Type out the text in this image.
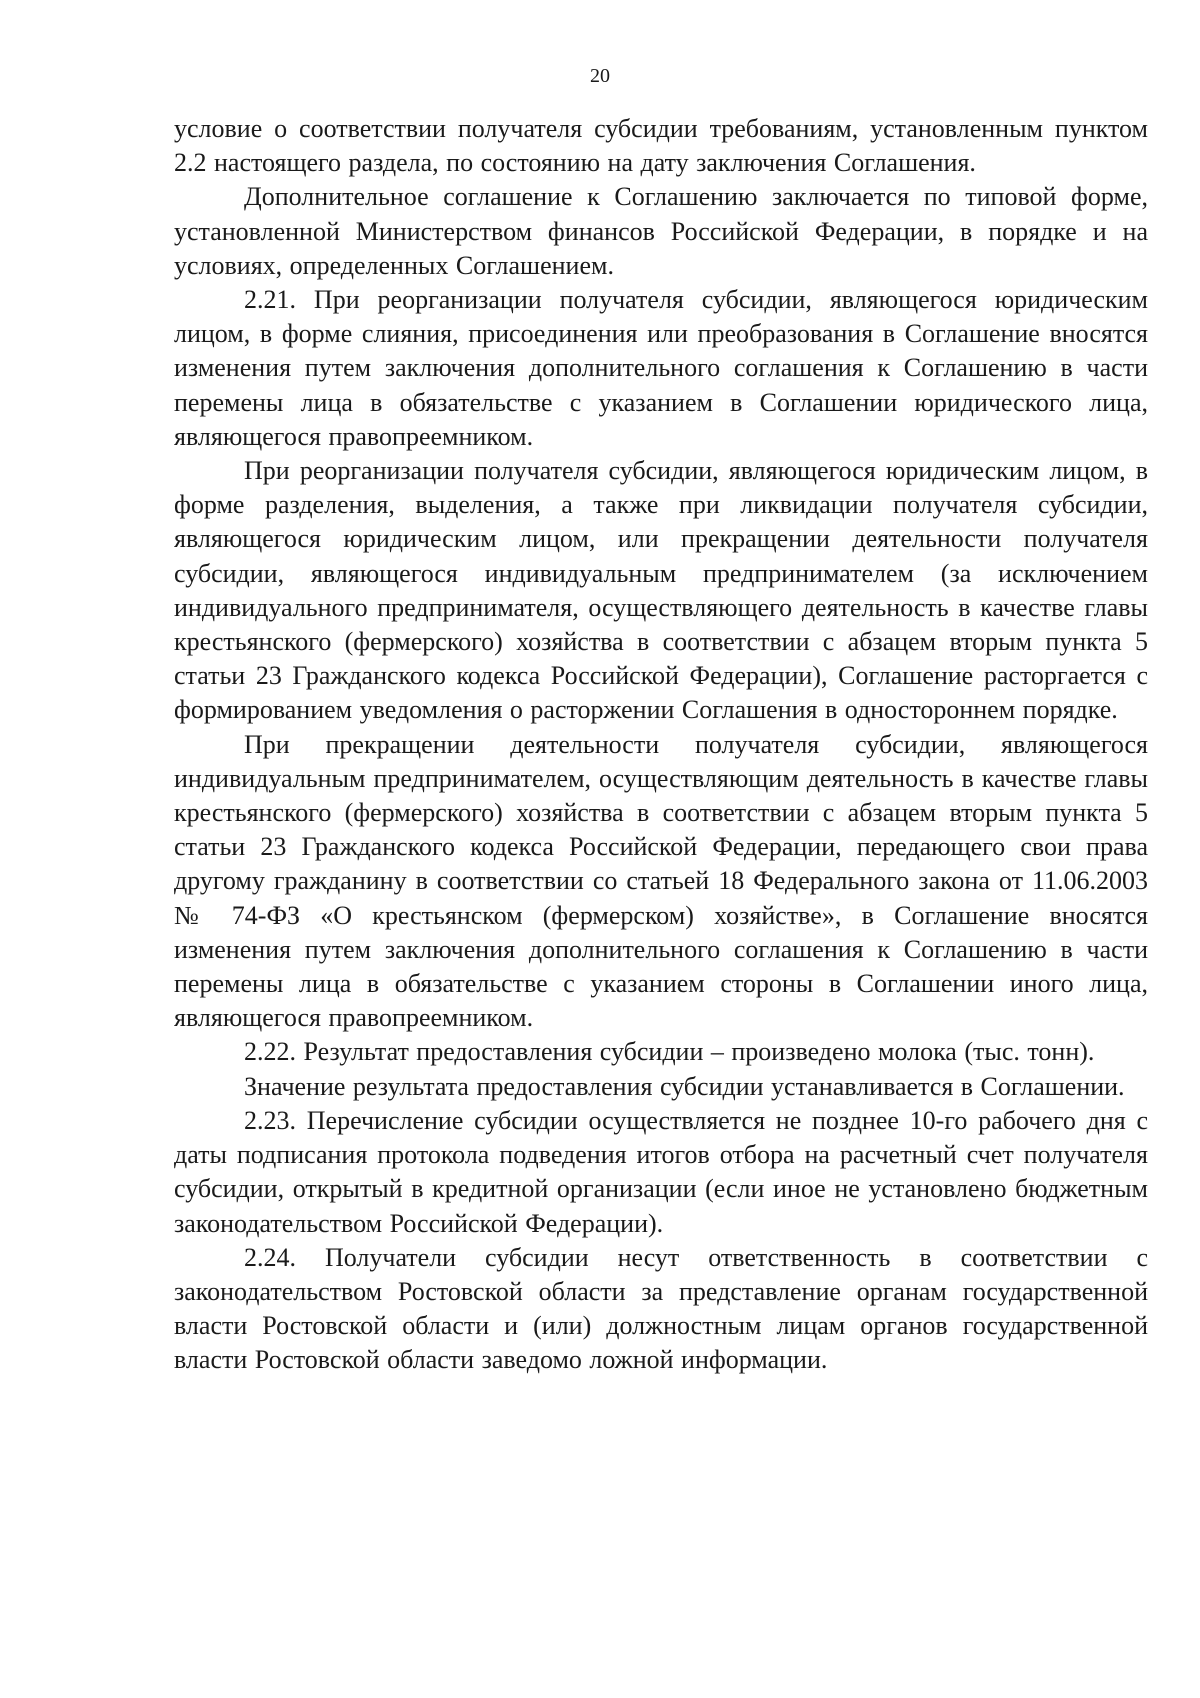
20

условие о соответствии получателя субсидии требованиям, установленным пунктом 2.2 настоящего раздела, по состоянию на дату заключения Соглашения.

Дополнительное соглашение к Соглашению заключается по типовой форме, установленной Министерством финансов Российской Федерации, в порядке и на условиях, определенных Соглашением.

2.21. При реорганизации получателя субсидии, являющегося юридическим лицом, в форме слияния, присоединения или преобразования в Соглашение вносятся изменения путем заключения дополнительного соглашения к Соглашению в части перемены лица в обязательстве с указанием в Соглашении юридического лица, являющегося правопреемником.

При реорганизации получателя субсидии, являющегося юридическим лицом, в форме разделения, выделения, а также при ликвидации получателя субсидии, являющегося юридическим лицом, или прекращении деятельности получателя субсидии, являющегося индивидуальным предпринимателем (за исключением индивидуального предпринимателя, осуществляющего деятельность в качестве главы крестьянского (фермерского) хозяйства в соответствии с абзацем вторым пункта 5 статьи 23 Гражданского кодекса Российской Федерации), Соглашение расторгается с формированием уведомления о расторжении Соглашения в одностороннем порядке.

При прекращении деятельности получателя субсидии, являющегося индивидуальным предпринимателем, осуществляющим деятельность в качестве главы крестьянского (фермерского) хозяйства в соответствии с абзацем вторым пункта 5 статьи 23 Гражданского кодекса Российской Федерации, передающего свои права другому гражданину в соответствии со статьей 18 Федерального закона от 11.06.2003 № 74-ФЗ «О крестьянском (фермерском) хозяйстве», в Соглашение вносятся изменения путем заключения дополнительного соглашения к Соглашению в части перемены лица в обязательстве с указанием стороны в Соглашении иного лица, являющегося правопреемником.

2.22. Результат предоставления субсидии – произведено молока (тыс. тонн).

Значение результата предоставления субсидии устанавливается в Соглашении.

2.23. Перечисление субсидии осуществляется не позднее 10-го рабочего дня с даты подписания протокола подведения итогов отбора на расчетный счет получателя субсидии, открытый в кредитной организации (если иное не установлено бюджетным законодательством Российской Федерации).

2.24. Получатели субсидии несут ответственность в соответствии с законодательством Ростовской области за представление органам государственной власти Ростовской области и (или) должностным лицам органов государственной власти Ростовской области заведомо ложной информации.
